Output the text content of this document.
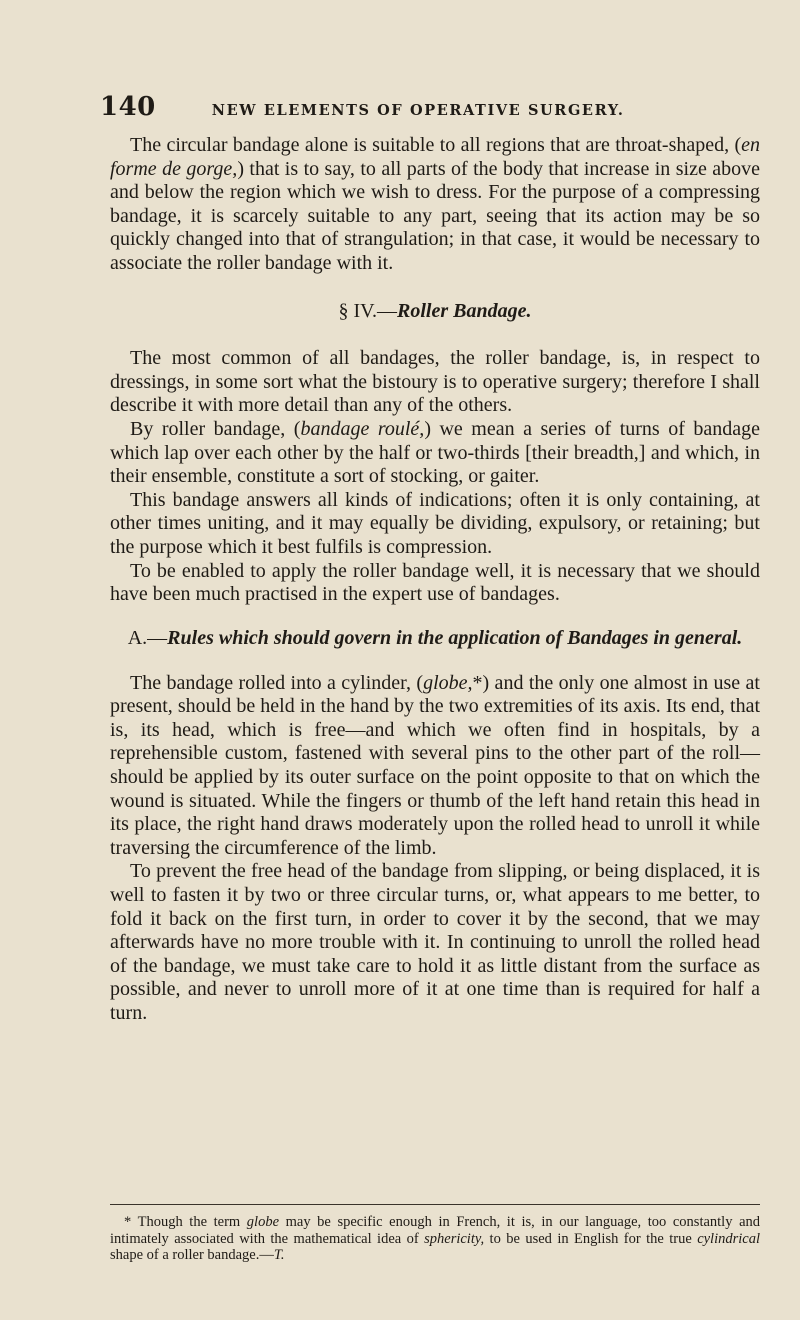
140	NEW ELEMENTS OF OPERATIVE SURGERY.

The circular bandage alone is suitable to all regions that are throat-shaped, (en forme de gorge,) that is to say, to all parts of the body that increase in size above and below the region which we wish to dress. For the purpose of a compressing bandage, it is scarcely suitable to any part, seeing that its action may be so quickly changed into that of strangulation; in that case, it would be necessary to associate the roller bandage with it.

§ IV.—Roller Bandage.

The most common of all bandages, the roller bandage, is, in respect to dressings, in some sort what the bistoury is to operative surgery; therefore I shall describe it with more detail than any of the others.

By roller bandage, (bandage roulé,) we mean a series of turns of bandage which lap over each other by the half or two-thirds [their breadth,] and which, in their ensemble, constitute a sort of stocking, or gaiter.

This bandage answers all kinds of indications; often it is only containing, at other times uniting, and it may equally be dividing, expulsory, or retaining; but the purpose which it best fulfils is compression.

To be enabled to apply the roller bandage well, it is necessary that we should have been much practised in the expert use of bandages.

A.—Rules which should govern in the application of Bandages in general.

The bandage rolled into a cylinder, (globe,*) and the only one almost in use at present, should be held in the hand by the two extremities of its axis. Its end, that is, its head, which is free—and which we often find in hospitals, by a reprehensible custom, fastened with several pins to the other part of the roll—should be applied by its outer surface on the point opposite to that on which the wound is situated. While the fingers or thumb of the left hand retain this head in its place, the right hand draws moderately upon the rolled head to unroll it while traversing the circumference of the limb.

To prevent the free head of the bandage from slipping, or being displaced, it is well to fasten it by two or three circular turns, or, what appears to me better, to fold it back on the first turn, in order to cover it by the second, that we may afterwards have no more trouble with it. In continuing to unroll the rolled head of the bandage, we must take care to hold it as little distant from the surface as possible, and never to unroll more of it at one time than is required for half a turn.

* Though the term globe may be specific enough in French, it is, in our language, too constantly and intimately associated with the mathematical idea of sphericity, to be used in English for the true cylindrical shape of a roller bandage.—T.
